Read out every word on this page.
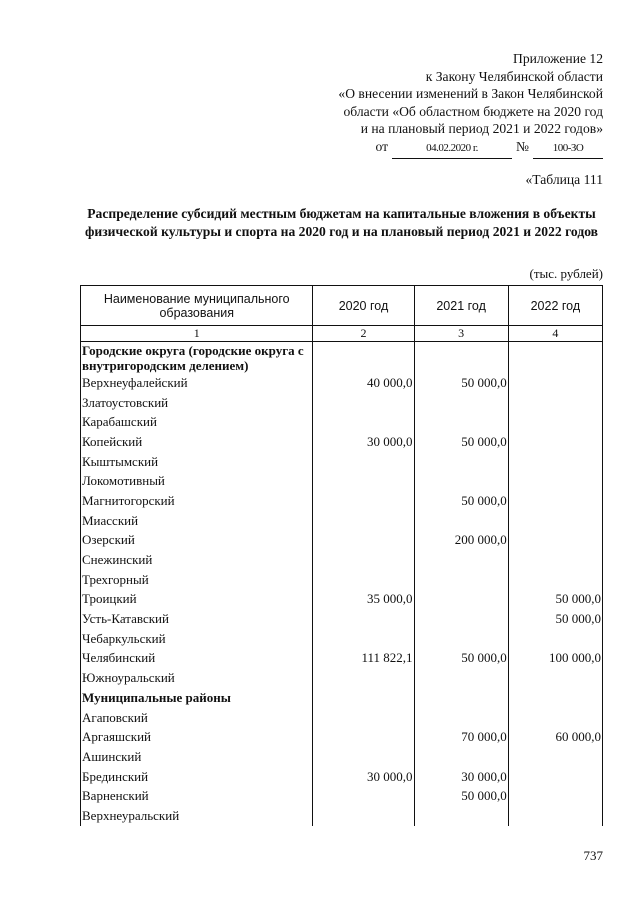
Приложение 12
к Закону Челябинской области
«О внесении изменений в Закон Челябинской
области «Об областном бюджете на 2020 год
и на плановый период 2021 и 2022 годов»
от	04.02.2020 г.	№	100-ЗО
«Таблица 111
Распределение субсидий местным бюджетам на капитальные вложения в объекты физической культуры и спорта на 2020 год и на плановый период 2021 и 2022 годов
(тыс. рублей)
Наименование муниципального образования	2020 год	2021 год	2022 год
1	2	3	4
Городские округа (городские округа с внутригородским делением)			
Верхнеуфалейский	40 000,0	50 000,0	
Златоустовский			
Карабашский			
Копейский	30 000,0	50 000,0	
Кыштымский			
Локомотивный			
Магнитогорский		50 000,0	
Миасский			
Озерский		200 000,0	
Снежинский			
Трехгорный			
Троицкий	35 000,0		50 000,0
Усть-Катавский			50 000,0
Чебаркульский			
Челябинский	111 822,1	50 000,0	100 000,0
Южноуральский			
Муниципальные районы			
Агаповский			
Аргаяшский		70 000,0	60 000,0
Ашинский			
Брединский	30 000,0	30 000,0	
Варненский		50 000,0	
Верхнеуральский			
737
